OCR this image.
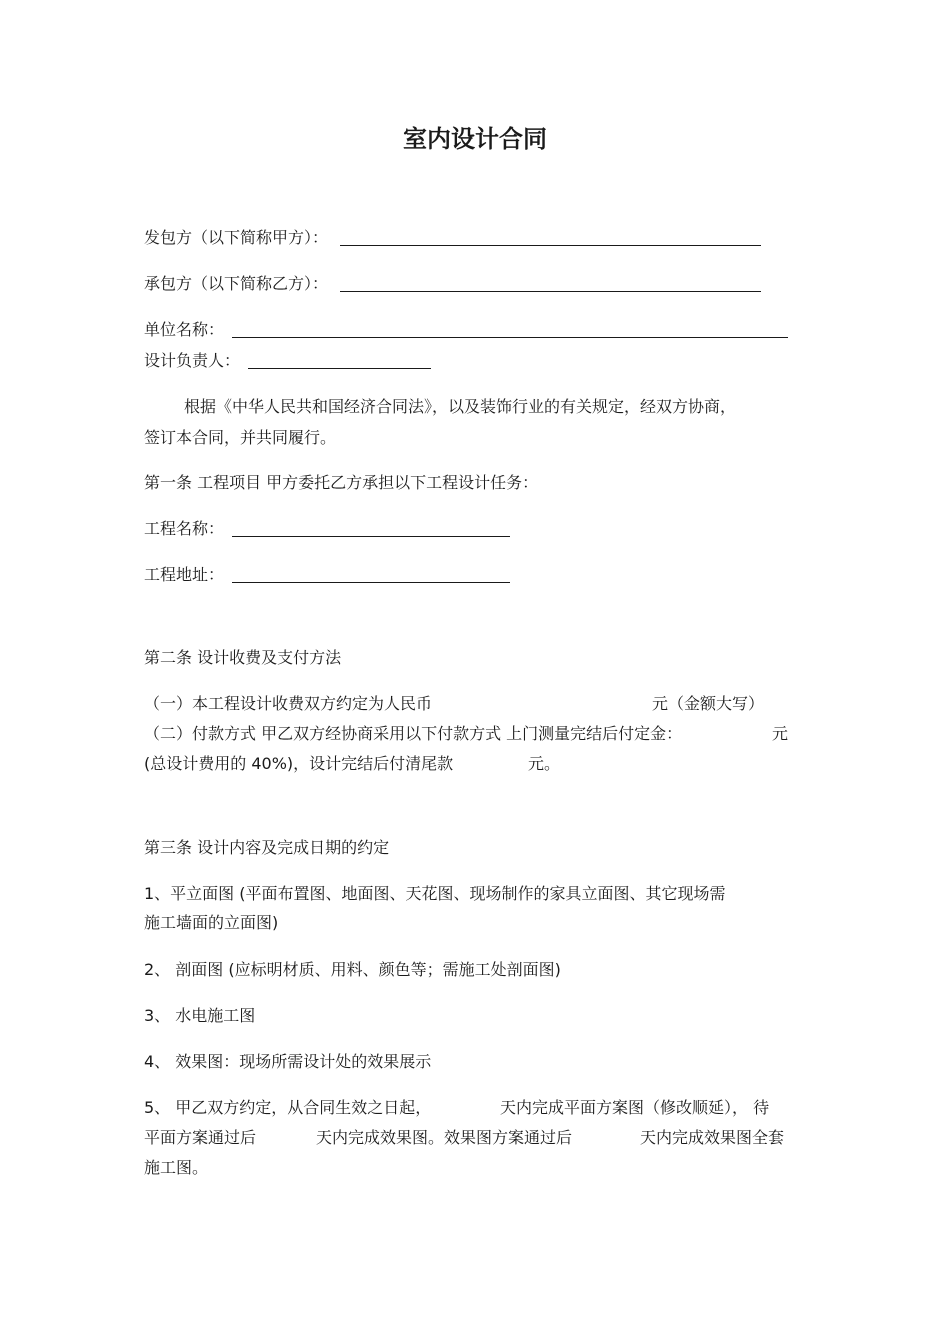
室内设计合同
发包方（以下简称甲方）：
承包方（以下简称乙方）：
单位名称：
设计负责人：
根据《中华人民共和国经济合同法》，以及装饰行业的有关规定，经双方协商，
签订本合同，并共同履行。
第一条 工程项目 甲方委托乙方承担以下工程设计任务：
工程名称：
工程地址：
第二条 设计收费及支付方法
（一）本工程设计收费双方约定为人民币	元（金额大写）
（二）付款方式 甲乙双方经协商采用以下付款方式 上门测量完结后付定金：	元
(总设计费用的 40%)，设计完结后付清尾款	元。
第三条 设计内容及完成日期的约定
1、平立面图 (平面布置图、地面图、天花图、现场制作的家具立面图、其它现场需
施工墙面的立面图)
2、 剖面图 (应标明材质、用料、颜色等；需施工处剖面图)
3、 水电施工图
4、 效果图：现场所需设计处的效果展示
5、 甲乙双方约定，从合同生效之日起，	天内完成平面方案图（修改顺延）， 待
平面方案通过后	天内完成效果图。效果图方案通过后	天内完成效果图全套
施工图。
